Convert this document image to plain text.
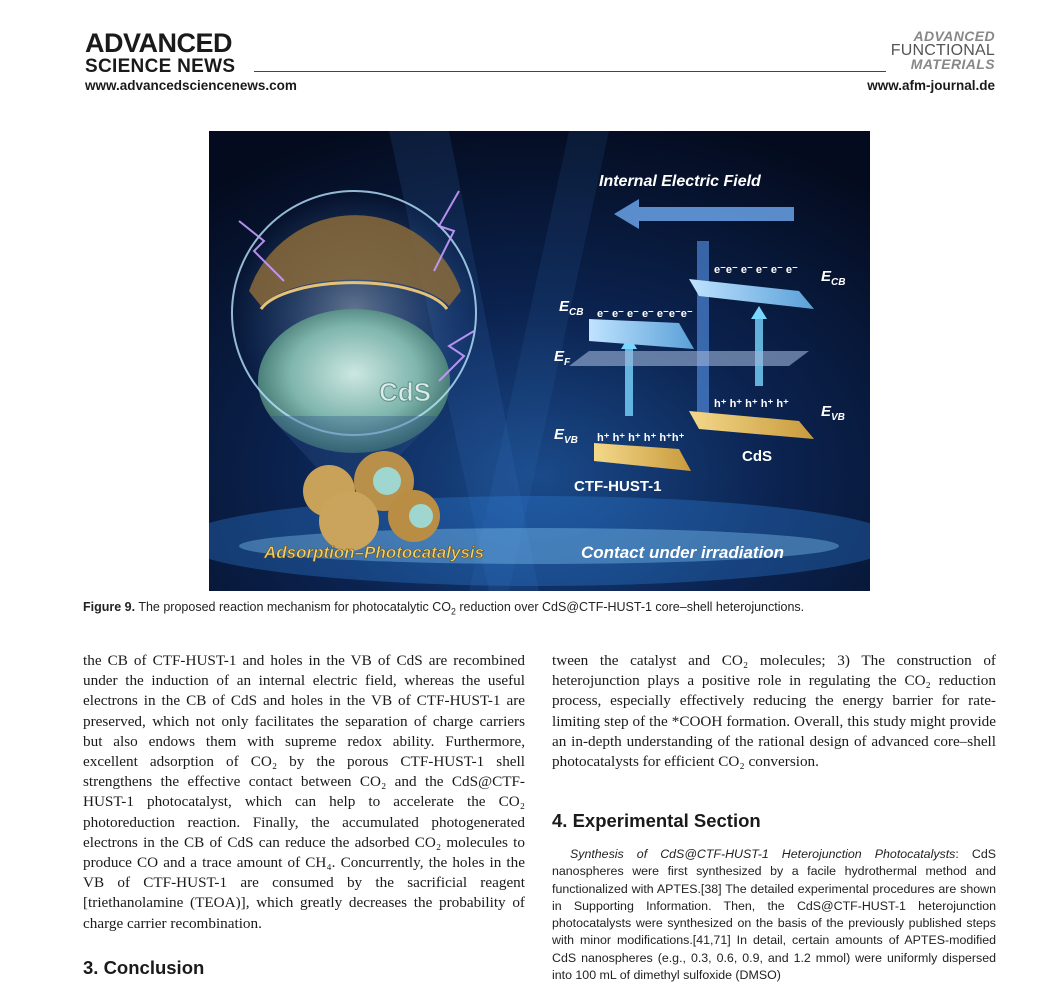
ADVANCED
SCIENCE NEWS
www.advancedsciencenews.com
ADVANCED
FUNCTIONAL
MATERIALS
www.afm-journal.de
CdS
Internal Electric Field
$E_{CB}$ e⁻ e⁻ e⁻ e⁻ e⁻e⁻e⁻
$E_F$
$E_{VB}$ h⁺ h⁺ h⁺ h⁺ h⁺h⁺
e⁻e⁻ e⁻ e⁻ e⁻ e⁻ $E_{CB}$
h⁺ h⁺ h⁺ h⁺ h⁺ $E_{VB}$
CdS
CTF-HUST-1
Adsorption–Photocatalysis	Contact under irradiation
Figure 9. The proposed reaction mechanism for photocatalytic $CO_2$ reduction over CdS@CTF-HUST-1 core–shell heterojunctions.

the CB of CTF-HUST-1 and holes in the VB of CdS are recombined under the induction of an internal electric field, whereas the useful electrons in the CB of CdS and holes in the VB of CTF-HUST-1 are preserved, which not only facilitates the separation of charge carriers but also endows them with supreme redox ability. Furthermore, excellent adsorption of CO₂ by the porous CTF-HUST-1 shell strengthens the effective contact between CO₂ and the CdS@CTF-HUST-1 photocatalyst, which can help to accelerate the CO₂ photoreduction reaction. Finally, the accumulated photogenerated electrons in the CB of CdS can reduce the adsorbed CO₂ molecules to produce CO and a trace amount of CH₄. Concurrently, the holes in the VB of CTF-HUST-1 are consumed by the sacrificial reagent [triethanolamine (TEOA)], which greatly decreases the probability of charge carrier recombination.

3. Conclusion

tween the catalyst and CO₂ molecules; 3) The construction of heterojunction plays a positive role in regulating the CO₂ reduction process, especially effectively reducing the energy barrier for rate-limiting step of the *COOH formation. Overall, this study might provide an in-depth understanding of the rational design of advanced core–shell photocatalysts for efficient CO₂ conversion.

4. Experimental Section

Synthesis of CdS@CTF-HUST-1 Heterojunction Photocatalysts: CdS nanospheres were first synthesized by a facile hydrothermal method and functionalized with APTES.[38] The detailed experimental procedures are shown in Supporting Information. Then, the CdS@CTF-HUST-1 heterojunction photocatalysts were synthesized on the basis of the previously published steps with minor modifications.[41,71] In detail, certain amounts of APTES-modified CdS nanospheres (e.g., 0.3, 0.6, 0.9, and 1.2 mmol) were uniformly dispersed into 100 mL of dimethyl sulfoxide (DMSO)
